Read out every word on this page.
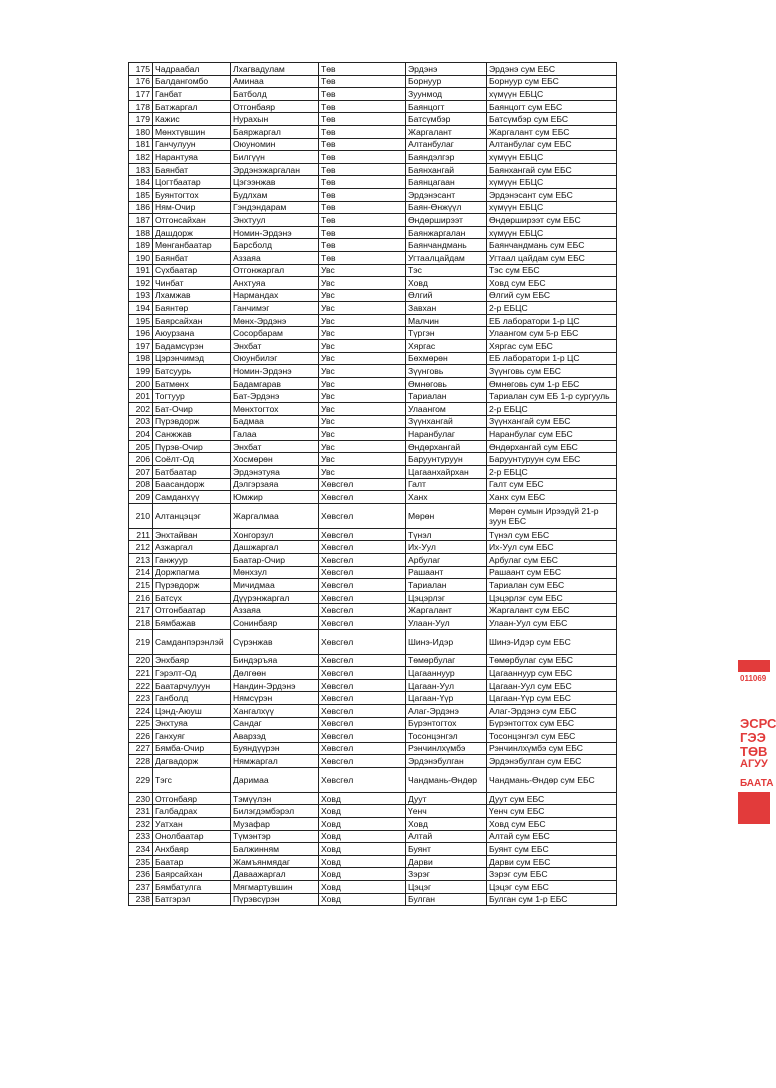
175	Чадраабал	Лхагвадулам	Төв	Эрдэнэ	Эрдэнэ сум ЕБС
176	Балдангомбо	Аминаа	Төв	Борнуур	Борнуур сум ЕБС
177	Ганбат	Батболд	Төв	Зуунмод	хүмүүн ЕБЦС
178	Батжаргал	Отгонбаяр	Төв	Баянцогт	Баянцогт сум ЕБС
179	Кажис	Нурахын	Төв	Батсүмбэр	Батсүмбэр сум ЕБС
180	Мөнхтүвшин	Баяржаргал	Төв	Жаргалант	Жаргалант сум ЕБС
181	Ганчулуун	Оюуномин	Төв	Алтанбулаг	Алтанбулаг сум ЕБС
182	Нарантуяа	Билгүүн	Төв	Баяндэлгэр	хүмүүн ЕБЦС
183	Баянбат	Эрдэнэжаргалан	Төв	Баянхангай	Баянхангай сум ЕБС
184	Цогтбаатар	Цэгээнжав	Төв	Баянцагаан	хүмүүн ЕБЦС
185	Буянтогтох	Будлхам	Төв	Эрдэнэсант	Эрдэнэсант сум ЕБС
186	Ням-Очир	Гэндэндарам	Төв	Баян-Өнжүүл	хүмүүн ЕБЦС
187	Отгонсайхан	Энхтуул	Төв	Өндөрширээт	Өндөрширээт сум ЕБС
188	Дашдорж	Номин-Эрдэнэ	Төв	Баянжаргалан	хүмүүн ЕБЦС
189	Мөнганбаатар	Барсболд	Төв	Баянчандмань	Баянчандмань сум ЕБС
190	Баянбат	Аззаяа	Төв	Угтаалцайдам	Угтаал цайдам сум ЕБС
191	Сүхбаатар	Отгонжаргал	Увс	Тэс	Тэс сум ЕБС
192	Чинбат	Анхтуяа	Увс	Ховд	Ховд сум ЕБС
193	Лхамжав	Нармандах	Увс	Өлгий	Өлгий сум ЕБС
194	Баянтөр	Ганчимэг	Увс	Завхан	2-р ЕБЦС
195	Баярсайхан	Мөнх-Эрдэнэ	Увс	Малчин	ЕБ лаборатори 1-р ЦС
196	Аюурзана	Сосорбарам	Увс	Түргэн	Улаангом сум 5-р ЕБС
197	Бадамсүрэн	Энхбат	Увс	Хяргас	Хяргас сум ЕБС
198	Цэрэнчимэд	Оюунбилэг	Увс	Бөхмөрөн	ЕБ лаборатори 1-р ЦС
199	Батсуурь	Номин-Эрдэнэ	Увс	Зүүнговь	Зүүнговь сум ЕБС
200	Батмөнх	Бадамгарав	Увс	Өмнөговь	Өмнөговь сум 1-р ЕБС
201	Тогтуур	Бат-Эрдэнэ	Увс	Тариалан	Тариалан сум ЕБ 1-р сургууль
202	Бат-Очир	Мөнхтогтох	Увс	Улаангом	2-р ЕБЦС
203	Пүрэвдорж	Бадмаа	Увс	Зүүнхангай	Зүүнхангай сум ЕБС
204	Санжжав	Галаа	Увс	Наранбулаг	Наранбулаг сум ЕБС
205	Пүрэв-Очир	Энхбат	Увс	Өндөрхангай	Өндөрхангай сум ЕБС
206	Соёлт-Од	Хосмөрөн	Увс	Баруунтуруун	Баруунтуруун сум ЕБС
207	Батбаатар	Эрдэнэтуяа	Увс	Цагаанхайрхан	2-р ЕБЦС
208	Баасандорж	Дэлгэрзаяа	Хөвсгөл	Галт	Галт сум ЕБС
209	Самданхүү	Юмжир	Хөвсгөл	Ханх	Ханх сум ЕБС
210	Алтанцэцэг	Жаргалмаа	Хөвсгөл	Мөрөн	Мөрөн сумын Ирээдүй 21-р зуун ЕБС
211	Энхтайван	Хонгорзул	Хөвсгөл	Түнэл	Түнэл сум ЕБС
212	Азжаргал	Дашжаргал	Хөвсгөл	Их-Уул	Их-Уул сум ЕБС
213	Ганжуур	Баатар-Очир	Хөвсгөл	Арбулаг	Арбулаг сум ЕБС
214	Доржпагма	Мөнхзул	Хөвсгөл	Рашаант	Рашаант сум ЕБС
215	Пүрэвдорж	Мичидмаа	Хөвсгөл	Тариалан	Тариалан сум ЕБС
216	Батсүх	Дүүрэнжаргал	Хөвсгөл	Цэцэрлэг	Цэцэрлэг сум ЕБС
217	Отгонбаатар	Аззаяа	Хөвсгөл	Жаргалант	Жаргалант сум ЕБС
218	Бямбажав	Сонинбаяр	Хөвсгөл	Улаан-Уул	Улаан-Уул сум ЕБС
219	Самданпэрэнлэй	Сүрэнжав	Хөвсгөл	Шинэ-Идэр	Шинэ-Идэр сум ЕБС
220	Энхбаяр	Биндэръяа	Хөвсгөл	Төмөрбулаг	Төмөрбулаг сум ЕБС
221	Гэрэлт-Од	Дөлгөөн	Хөвсгөл	Цагааннуур	Цагааннуур сум ЕБС
222	Баатарчулуун	Нандин-Эрдэнэ	Хөвсгөл	Цагаан-Уул	Цагаан-Уул сум ЕБС
223	Ганболд	Нямсүрэн	Хөвсгөл	Цагаан-Үүр	Цагаан-Үүр сум ЕБС
224	Цэнд-Аюуш	Хангалхүү	Хөвсгөл	Алаг-Эрдэнэ	Алаг-Эрдэнэ сум ЕБС
225	Энхтуяа	Сандаг	Хөвсгөл	Бүрэнтогтох	Бүрэнтогтох сум ЕБС
226	Ганхуяг	Аварзэд	Хөвсгөл	Тосонцэнгэл	Тосонцэнгэл сум ЕБС
227	Бямба-Очир	Буяндүүрэн	Хөвсгөл	Рэнчинлхүмбэ	Рэнчинлхүмбэ сум ЕБС
228	Дагвадорж	Нямжаргал	Хөвсгөл	Эрдэнэбулган	Эрдэнэбулган сум ЕБС
229	Тэгс	Даримаа	Хөвсгөл	Чандмань-Өндөр	Чандмань-Өндөр сум ЕБС
230	Отгонбаяр	Тэмүүлэн	Ховд	Дуут	Дуут сум ЕБС
231	Галбадрах	Билэгдэмбэрэл	Ховд	Үенч	Үенч сум ЕБС
232	Уатхан	Музафар	Ховд	Ховд	Ховд сум ЕБС
233	Онолбаатар	Түмэнтэр	Ховд	Алтай	Алтай сум ЕБС
234	Анхбаяр	Балжинням	Ховд	Буянт	Буянт сум ЕБС
235	Баатар	Жамъянмядаг	Ховд	Дарви	Дарви сум ЕБС
236	Баярсайхан	Даваажаргал	Ховд	Зэрэг	Зэрэг сум ЕБС
237	Бямбатулга	Мягмартувшин	Ховд	Цэцэг	Цэцэг сум ЕБС
238	Батгэрэл	Пүрэвсүрэн	Ховд	Булган	Булган сум 1-р ЕБС
011069
ЭСРС
ГЭЭ
ТӨВ
АГУУ
БААТА
